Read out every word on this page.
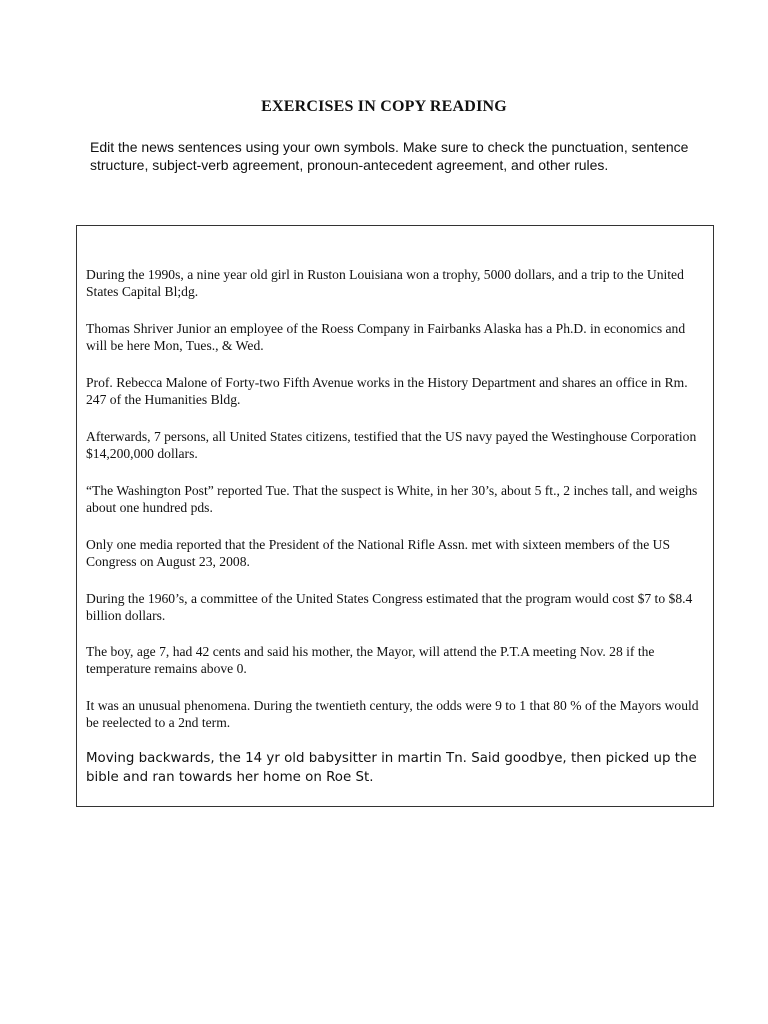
EXERCISES IN COPY READING
Edit the news sentences using your own symbols. Make sure to check the punctuation, sentence structure, subject-verb agreement, pronoun-antecedent agreement, and other rules.

During the 1990s, a nine year old girl in Ruston Louisiana won a trophy, 5000 dollars, and a trip to the United States Capital Bl;dg.

Thomas Shriver Junior an employee of the Roess Company in Fairbanks Alaska has a Ph.D. in economics and will be here Mon, Tues., & Wed.

Prof. Rebecca Malone of Forty-two Fifth Avenue works in the History Department and shares an office in Rm. 247 of the Humanities Bldg.

Afterwards, 7 persons, all United States citizens, testified that the US navy payed the Westinghouse Corporation $14,200,000 dollars.

“The Washington Post” reported Tue. That the suspect is White, in her 30’s, about 5 ft., 2 inches tall, and weighs about one hundred pds.

Only one media reported that the President of the National Rifle Assn. met with sixteen members of the US Congress on August 23, 2008.

During the 1960’s, a committee of the United States Congress estimated that the program would cost $7 to $8.4 billion dollars.

The boy, age 7, had 42 cents and said his mother, the Mayor, will attend the P.T.A meeting Nov. 28 if the temperature remains above 0.

It was an unusual phenomena. During the twentieth century, the odds were 9 to 1 that 80 % of the Mayors would be reelected to a 2nd term.

Moving backwards, the 14 yr old babysitter in martin Tn. Said goodbye, then picked up the bible and ran towards her home on Roe St.
